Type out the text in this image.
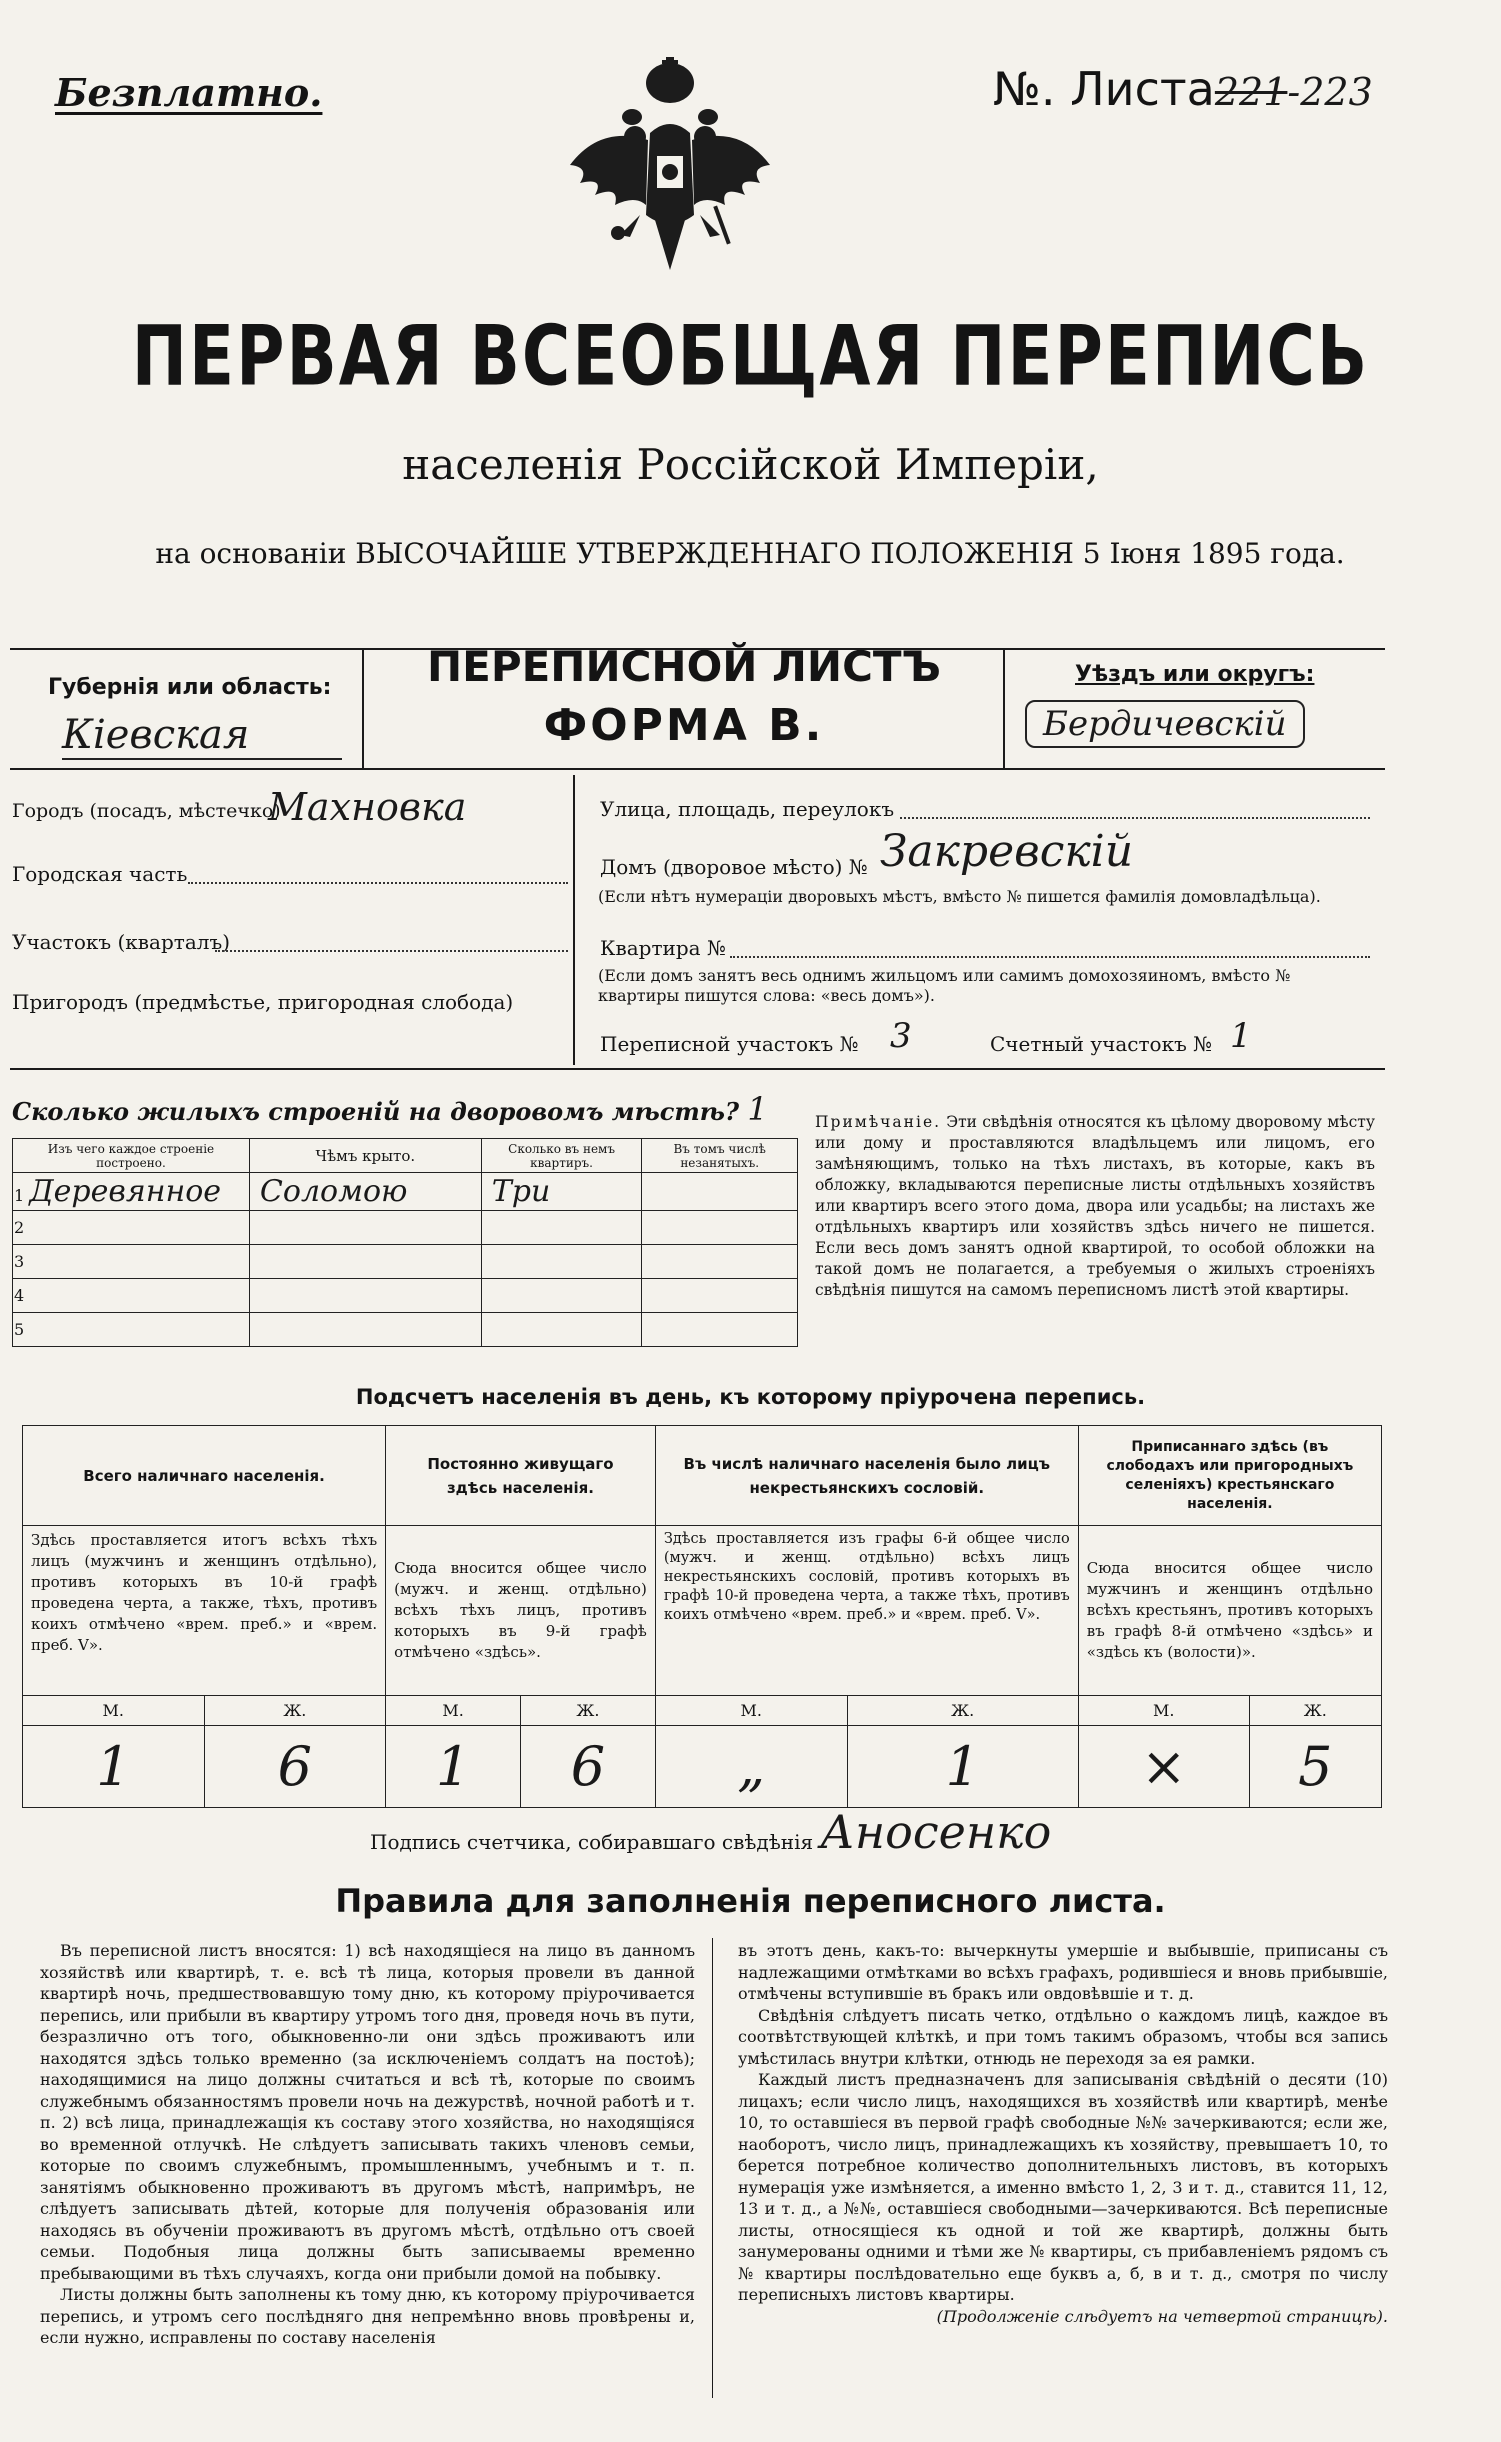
Безплатно.	№. Листа221-223
ПЕРВАЯ ВСЕОБЩАЯ ПЕРЕПИСЬ
населенія Россійской Имперіи,
на основаніи ВЫСОЧАЙШЕ УТВЕРЖДЕННАГО ПОЛОЖЕНІЯ 5 Іюня 1895 года.
Губернія или область:
Кіевская
ПЕРЕПИСНОЙ ЛИСТЪ
ФОРМА В.
Уѣздъ или округъ:
Бердичевскій
Городъ (посадъ, мѣстечко)
Махновка
Городская часть
Участокъ (кварталъ)
Пригородъ (предмѣстье, пригородная слобода)
Улица, площадь, переулокъ
Домъ (дворовое мѣсто) № Закревскій
(Если нѣтъ нумераціи дворовыхъ мѣстъ, вмѣсто № пишется фамилія домовладѣльца).
Квартира №
(Если домъ занятъ весь однимъ жильцомъ или самимъ домохозяиномъ, вмѣсто № квартиры пишутся слова: «весь домъ»).
Переписной участокъ № 3	Счетный участокъ № 1
Сколько жилыхъ строеній на дворовомъ мѣстѣ? 1
Изъ чего каждое строеніе построено.	Чѣмъ крыто.	Сколько въ немъ квартиръ.	Въ томъ числѣ незанятыхъ.
1 Деревянное	Соломою	Три	
2			
3			
4			
5			
Примѣчаніе. Эти свѣдѣнія относятся къ цѣлому дворовому мѣсту или дому и проставляются владѣльцемъ или лицомъ, его замѣняющимъ, только на тѣхъ листахъ, въ которые, какъ въ обложку, вкладываются переписные листы отдѣльныхъ хозяйствъ или квартиръ всего этого дома, двора или усадьбы; на листахъ же отдѣльныхъ квартиръ или хозяйствъ здѣсь ничего не пишется. Если весь домъ занятъ одной квартирой, то особой обложки на такой домъ не полагается, а требуемыя о жилыхъ строеніяхъ свѣдѣнія пишутся на самомъ переписномъ листѣ этой квартиры.
Подсчетъ населенія въ день, къ которому пріурочена перепись.
Всего наличнаго населенія.		Постоянно живущаго здѣсь населенія.		Въ числѣ наличнаго населенія было лицъ некрестьянскихъ сословій.		Приписаннаго здѣсь (въ слободахъ или пригородныхъ селеніяхъ) крестьянскаго населенія.	
Здѣсь проставляется итогъ всѣхъ тѣхъ лицъ (мужчинъ и женщинъ отдѣльно), противъ которыхъ въ 10-й графѣ проведена черта, а также, тѣхъ, противъ коихъ отмѣчено «врем. преб.» и «врем. преб. V».		Сюда вносится общее число (мужч. и женщ. отдѣльно) всѣхъ тѣхъ лицъ, противъ которыхъ въ 9-й графѣ отмѣчено «здѣсь».		Здѣсь проставляется изъ графы 6-й общее число (мужч. и женщ. отдѣльно) всѣхъ лицъ некрестьянскихъ сословій, противъ которыхъ въ графѣ 10-й проведена черта, а также тѣхъ, противъ коихъ отмѣчено «врем. преб.» и «врем. преб. V».		Сюда вносится общее число мужчинъ и женщинъ отдѣльно всѣхъ крестьянъ, противъ которыхъ въ графѣ 8-й отмѣчено «здѣсь» и «здѣсь къ (волости)».	
М.	Ж.	М.	Ж.	М.	Ж.	М.	Ж.
1	6	1	6	„	1	×	5
Подпись счетчика, собиравшаго свѣдѣнія Аносенко
Правила для заполненія переписного листа.
Въ переписной листъ вносятся: 1) всѣ находящіеся на лицо въ данномъ хозяйствѣ или квартирѣ, т. е. всѣ тѣ лица, которыя провели въ данной квартирѣ ночь, предшествовавшую тому дню, къ которому пріурочивается перепись, или прибыли въ квартиру утромъ того дня, проведя ночь въ пути, безразлично отъ того, обыкновенно-ли они здѣсь проживаютъ или находятся здѣсь только временно (за исключеніемъ солдатъ на постоѣ); находящимися на лицо должны считаться и всѣ тѣ, которые по своимъ служебнымъ обязанностямъ провели ночь на дежурствѣ, ночной работѣ и т. п. 2) всѣ лица, принадлежащія къ составу этого хозяйства, но находящіяся во временной отлучкѣ. Не слѣдуетъ записывать такихъ членовъ семьи, которые по своимъ служебнымъ, промышленнымъ, учебнымъ и т. п. занятіямъ обыкновенно проживаютъ въ другомъ мѣстѣ, напримѣръ, не слѣдуетъ записывать дѣтей, которые для полученія образованія или находясь въ обученіи проживаютъ въ другомъ мѣстѣ, отдѣльно отъ своей семьи. Подобныя лица должны быть записываемы временно пребывающими въ тѣхъ случаяхъ, когда они прибыли домой на побывку.
Листы должны быть заполнены къ тому дню, къ которому пріурочивается перепись, и утромъ сего послѣдняго дня непремѣнно вновь провѣрены и, если нужно, исправлены по составу населенія
въ этотъ день, какъ-то: вычеркнуты умершіе и выбывшіе, приписаны съ надлежащими отмѣтками во всѣхъ графахъ, родившіеся и вновь прибывшіе, отмѣчены вступившіе въ бракъ или овдовѣвшіе и т. д.
Свѣдѣнія слѣдуетъ писать четко, отдѣльно о каждомъ лицѣ, каждое въ соотвѣтствующей клѣткѣ, и при томъ такимъ образомъ, чтобы вся запись умѣстилась внутри клѣтки, отнюдь не переходя за ея рамки.
Каждый листъ предназначенъ для записыванія свѣдѣній о десяти (10) лицахъ; если число лицъ, находящихся въ хозяйствѣ или квартирѣ, менѣе 10, то оставшіеся въ первой графѣ свободные №№ зачеркиваются; если же, наоборотъ, число лицъ, принадлежащихъ къ хозяйству, превышаетъ 10, то берется потребное количество дополнительныхъ листовъ, въ которыхъ нумерація уже измѣняется, а именно вмѣсто 1, 2, 3 и т. д., ставится 11, 12, 13 и т. д., а №№, оставшіеся свободными—зачеркиваются. Всѣ переписные листы, относящіеся къ одной и той же квартирѣ, должны быть занумерованы одними и тѣми же № квартиры, съ прибавленіемъ рядомъ съ № квартиры послѣдовательно еще буквъ а, б, в и т. д., смотря по числу переписныхъ листовъ квартиры.
(Продолженіе слѣдуетъ на четвертой страницѣ).
